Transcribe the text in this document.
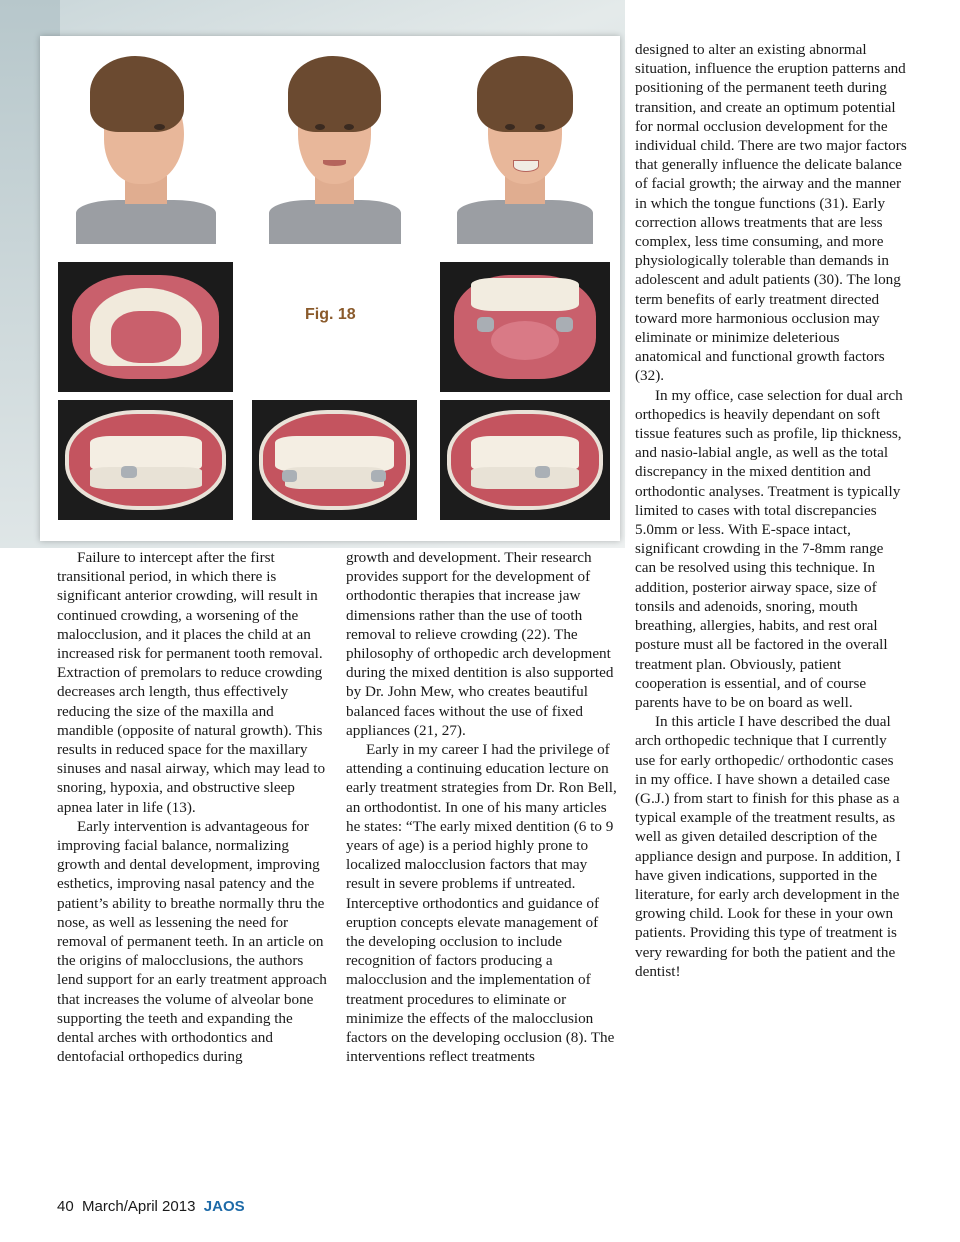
Fig. 18

Failure to intercept after the first transitional period, in which there is significant anterior crowding, will result in continued crowding, a worsening of the malocclusion, and it places the child at an increased risk for permanent tooth removal. Extraction of premolars to reduce crowding decreases arch length, thus effectively reducing the size of the maxilla and mandible (opposite of natural growth). This results in reduced space for the maxillary sinuses and nasal airway, which may lead to snoring, hypoxia, and obstructive sleep apnea later in life (13).

Early intervention is advantageous for improving facial balance, normalizing growth and dental development, improving esthetics, improving nasal patency and the patient’s ability to breathe normally thru the nose, as well as lessening the need for removal of permanent teeth. In an article on the origins of malocclusions, the authors lend support for an early treatment approach that increases the volume of alveolar bone supporting the teeth and expanding the dental arches with orthodontics and dentofacial orthopedics during

growth and development. Their research provides support for the development of orthodontic therapies that increase jaw dimensions rather than the use of tooth removal to relieve crowding (22). The philosophy of orthopedic arch development during the mixed dentition is also supported by Dr. John Mew, who creates beautiful balanced faces without the use of fixed appliances (21, 27).

Early in my career I had the privilege of attending a continuing education lecture on early treatment strategies from Dr. Ron Bell, an orthodontist. In one of his many articles he states: “The early mixed dentition (6 to 9 years of age) is a period highly prone to localized malocclusion factors that may result in severe problems if untreated. Interceptive orthodontics and guidance of eruption concepts elevate management of the developing occlusion to include recognition of factors producing a malocclusion and the implementation of treatment procedures to eliminate or minimize the effects of the malocclusion factors on the developing occlusion (8). The interventions reflect treatments

designed to alter an existing abnormal situation, influence the eruption patterns and positioning of the permanent teeth during transition, and create an optimum potential for normal occlusion development for the individual child. There are two major factors that generally influence the delicate balance of facial growth; the airway and the manner in which the tongue functions (31). Early correction allows treatments that are less complex, less time consuming, and more physiologically tolerable than demands in adolescent and adult patients (30). The long term benefits of early treatment directed toward more harmonious occlusion may eliminate or minimize deleterious anatomical and functional growth factors (32).

In my office, case selection for dual arch orthopedics is heavily dependant on soft tissue features such as profile, lip thickness, and nasio-labial angle, as well as the total discrepancy in the mixed dentition and orthodontic analyses. Treatment is typically limited to cases with total discrepancies 5.0mm or less. With E-space intact, significant crowding in the 7-8mm range can be resolved using this technique. In addition, posterior airway space, size of tonsils and adenoids, snoring, mouth breathing, allergies, habits, and rest oral posture must all be factored in the overall treatment plan. Obviously, patient cooperation is essential, and of course parents have to be on board as well.

In this article I have described the dual arch orthopedic technique that I currently use for early orthopedic/ orthodontic cases in my office. I have shown a detailed case (G.J.) from start to finish for this phase as a typical example of the treatment results, as well as given detailed description of the appliance design and purpose. In addition, I have given indications, supported in the literature, for early arch development in the growing child. Look for these in your own patients. Providing this type of treatment is very rewarding for both the patient and the dentist!

40 March/April 2013 JAOS
